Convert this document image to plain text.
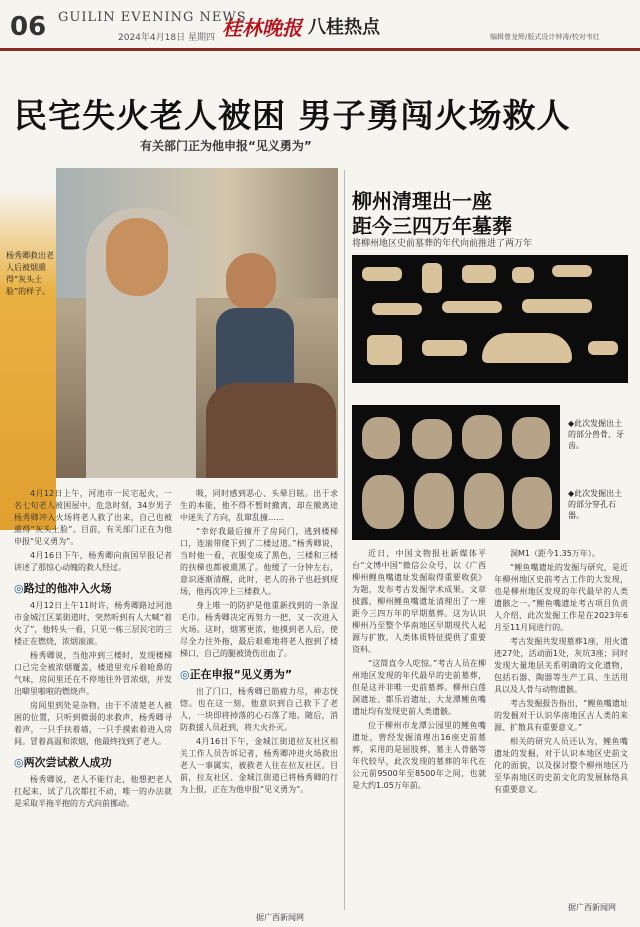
06 GUILIN EVENING NEWS
2024年4月18日 星期四 桂林晚报 八桂热点	编辑曾龙辉/版式设计钟涛/校对韦红
民宅失火老人被困 男子勇闯火场救人
有关部门正为他申报“见义勇为”
杨秀卿救出老人后被烟熏得“灰头土脸”的样子。

4月12日上午，河池市一民宅起火，一名七旬老人被困屋中，危急时刻，34岁男子杨秀卿冲入火场将老人救了出来，自己也被熏得“灰头土脸”。目前，有关部门正在为他申报“见义勇为”。

4月16日下午，杨秀卿向南国早报记者讲述了那惊心动魄的救人经过。

◎路过的他冲入火场

4月12日上午11时许，杨秀卿路过河池市金城江区某街道时，突然听到有人大喊“着火了”，他转头一看，只见一栋三层民宅的三楼正在燃烧，浓烟滚滚。

杨秀卿说，当他冲到三楼时，发现楼梯口已完全被浓烟覆盖，楼道里充斥着呛鼻的气味，房间里还在不停地往外冒浓烟，并发出噼里啪啦的燃烧声。

房间里到处是杂物，由于不清楚老人被困的位置，只听到微弱的求救声，杨秀卿寻着声，一只手扶着墙，一只手摸索着进入房间。冒着高温和浓烟，他最终找到了老人。

◎两次尝试救人成功

杨秀卿说，老人不能行走，他想把老人扛起来，试了几次都扛不动，唯一的办法就是采取半拖半抱的方式向前挪动。

吸，同时感到恶心、头晕目眩。出于求生的本能，他不得不暂时撤离，却在撤离途中迷失了方向，乱窜乱撞……

“幸好我最后撞开了房间门，逃到楼梯口，连滚带爬下到了二楼过道。”杨秀卿说，当时他一看，衣服变成了黑色，三楼和三楼的扶梯也都被熏黑了。他缓了一分钟左右，意识逐渐清醒，此时，老人的孙子也赶到现场，他再次冲上三楼救人。

身上唯一的防护是他重新找到的一条湿毛巾。杨秀卿决定再努力一把，又一次进入火场。这时，烟雾更浓，他摸到老人后，使尽全力往外拖，最后艰难地将老人抱到了楼梯口，自己的腿被烫伤出血了。

◎正在申报“见义勇为”

出了门口，杨秀卿已筋疲力尽，神志恍惚。也在这一刻，他意识到自己救下了老人，一块即将掉落的心石落了地。随后，消防救援人员赶到，将大火扑灭。

4月16日下午，金城江街道拉友社区相关工作人员告诉记者，杨秀卿冲进火场救出老人一事属实，被救老人住在拉友社区。目前，拉友社区、金城江街道已将杨秀卿的行为上报，正在为他申报“见义勇为”。

据广西新闻网
柳州清理出一座
距今三四万年墓葬
将柳州地区史前墓葬的年代向前推进了两万年
◆此次发掘出土的部分兽骨、牙齿。
◆此次发掘出土的部分穿孔石器。

近日，中国文物报社新媒体平台“文博中国”微信公众号，以《广西柳州鲤鱼嘴遗址发掘取得重要收获》为题，发布考古发掘学术成果。文章披露，柳州鲤鱼嘴遗址清理出了一座距今三四万年的早期墓葬。这为认识柳州乃至整个华南地区早期现代人起源与扩散，人类体质特征提供了重要资料。

“这简直令人吃惊。”考古人员在柳州地区发现的年代最早的史前墓葬，但是这并非唯一史前墓葬。柳州白莲洞遗址、都乐岩遗址、大龙潭鲤鱼嘴遗址均有发现史前人类遗骸。

位于柳州市龙潭公园里的鲤鱼嘴遗址，曾经发掘清理出16座史前墓葬，采用的是屈肢葬，墓主人骨骼等年代较早，此次发现的墓葬的年代在公元前9500年至8500年之间，也就是大约1.05万年前。

洞M1（距今1.35万年）。

“鲤鱼嘴遗址的发掘与研究，是近年柳州地区史前考古工作的大发现，也是柳州地区发现的年代最早的人类遗骸之一。”鲤鱼嘴遗址考古项目负责人介绍，此次发掘工作是在2023年6月至11月间进行的。

考古发掘共发现墓葬1座，用火遗迹27处，活动面1处，灰坑3座；同时发现大量地层关系明确的文化遗物，包括石器、陶器等生产工具、生活用具以及人骨与动物遗骸。

考古发掘报告指出，“鲤鱼嘴遗址的发掘对于认识华南地区古人类的来源、扩散具有重要意义。”

相关的研究人员还认为，鲤鱼嘴遗址的发掘，对于认识本地区史前文化的面貌，以及探讨整个柳州地区乃至华南地区的史前文化的发展脉络具有重要意义。

据广西新闻网
